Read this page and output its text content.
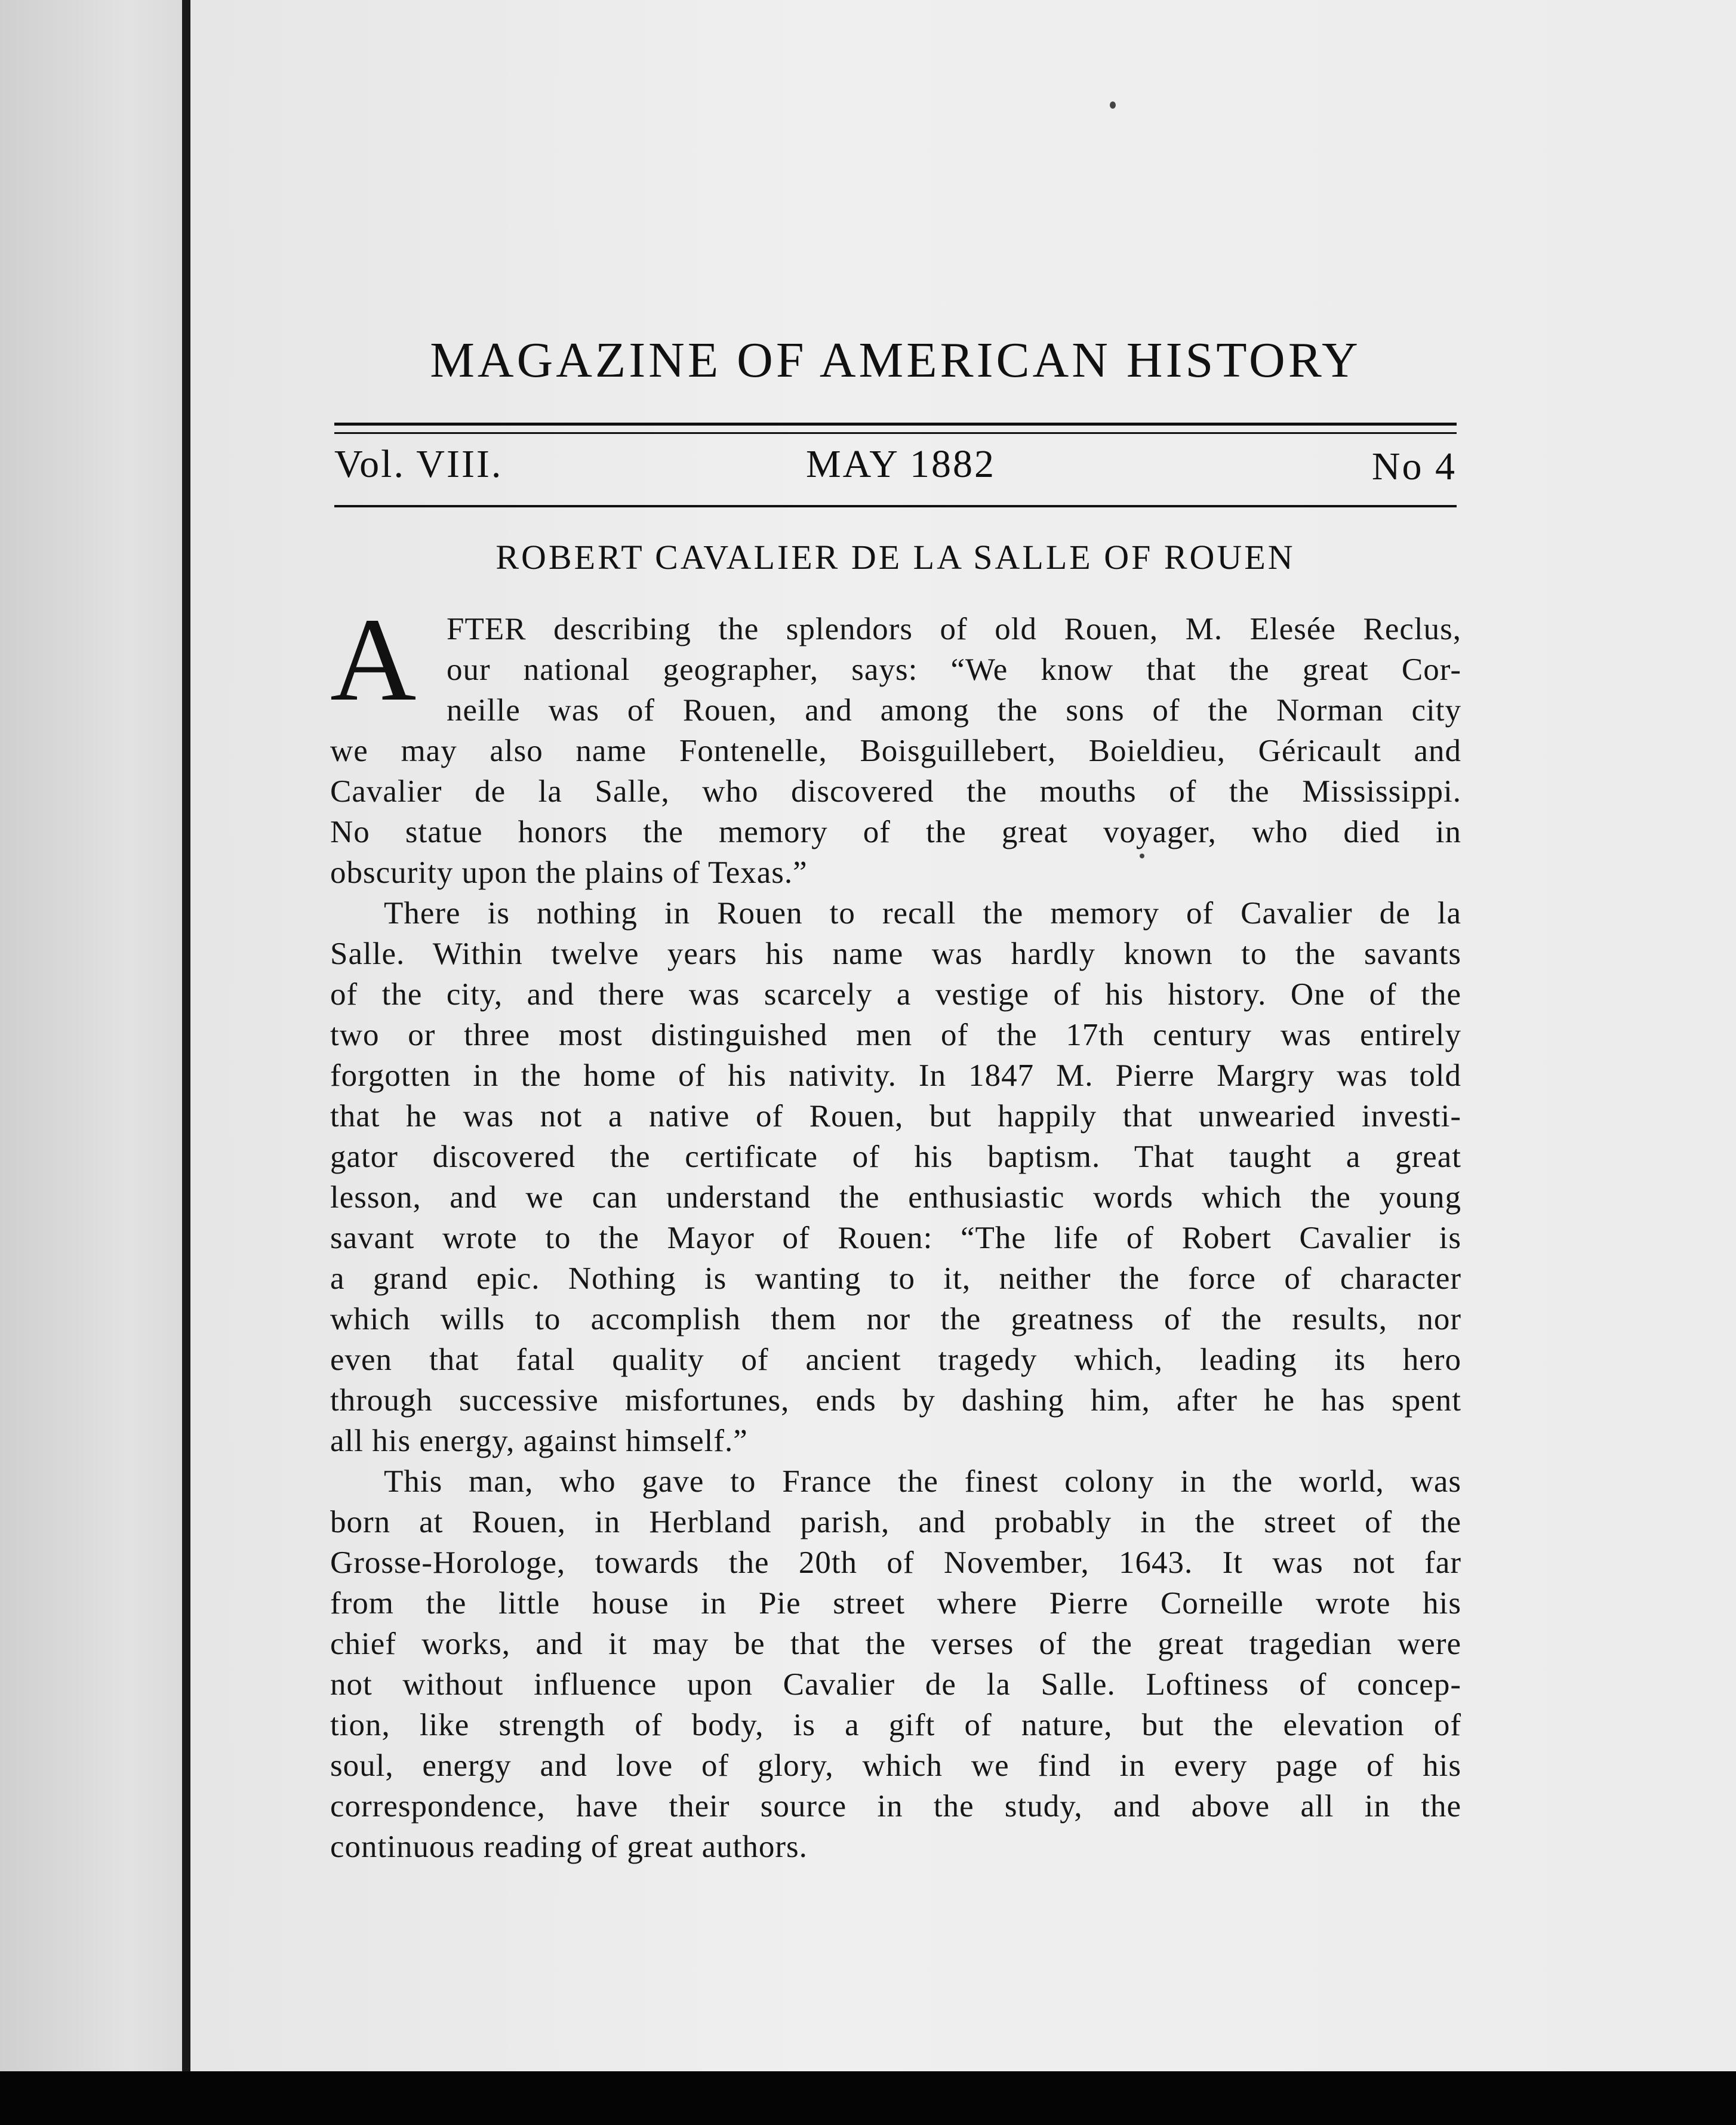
MAGAZINE OF AMERICAN HISTORY
Vol. VIII.	MAY 1882	No 4
ROBERT CAVALIER DE LA SALLE OF ROUEN
A FTER describing the splendors of old Rouen, M. Elesée Reclus,
our national geographer, says: “We know that the great Cor-
neille was of Rouen, and among the sons of the Norman city
we may also name Fontenelle, Boisguillebert, Boieldieu, Géricault and
Cavalier de la Salle, who discovered the mouths of the Mississippi.
No statue honors the memory of the great voyager, who died in
obscurity upon the plains of Texas.”
There is nothing in Rouen to recall the memory of Cavalier de la
Salle. Within twelve years his name was hardly known to the savants
of the city, and there was scarcely a vestige of his history. One of the
two or three most distinguished men of the 17th century was entirely
forgotten in the home of his nativity. In 1847 M. Pierre Margry was told
that he was not a native of Rouen, but happily that unwearied investi-
gator discovered the certificate of his baptism. That taught a great
lesson, and we can understand the enthusiastic words which the young
savant wrote to the Mayor of Rouen: “The life of Robert Cavalier is
a grand epic. Nothing is wanting to it, neither the force of character
which wills to accomplish them nor the greatness of the results, nor
even that fatal quality of ancient tragedy which, leading its hero
through successive misfortunes, ends by dashing him, after he has spent
all his energy, against himself.”
This man, who gave to France the finest colony in the world, was
born at Rouen, in Herbland parish, and probably in the street of the
Grosse-Horologe, towards the 20th of November, 1643. It was not far
from the little house in Pie street where Pierre Corneille wrote his
chief works, and it may be that the verses of the great tragedian were
not without influence upon Cavalier de la Salle. Loftiness of concep-
tion, like strength of body, is a gift of nature, but the elevation of
soul, energy and love of glory, which we find in every page of his
correspondence, have their source in the study, and above all in the
continuous reading of great authors.
